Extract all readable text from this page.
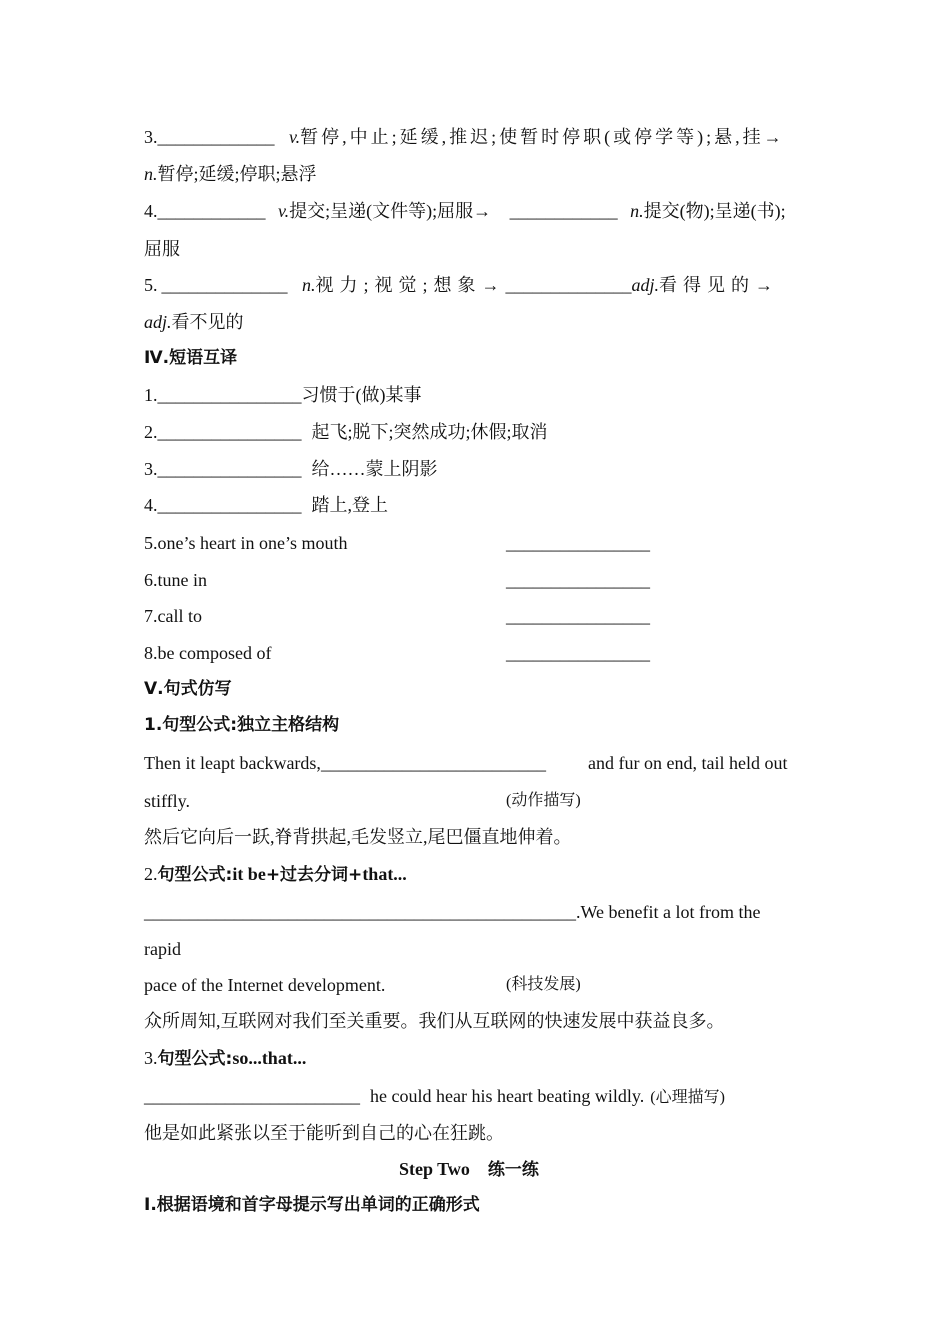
3._____________ v.暂停,中止;延缓,推迟;使暂时停职(或停学等);悬,挂→
n.暂停;延缓;停职;悬浮
4.____________ v.提交;呈递(文件等);屈服→ ____________ n.提交(物);呈递(书);
屈服
5. ______________ n.视力;视觉;想象→______________adj.看得见的→
adj.看不见的
Ⅳ.短语互译
1.________________习惯于(做)某事
2.________________ 起飞;脱下;突然成功;休假;取消
3.________________ 给……蒙上阴影
4.________________ 踏上,登上
5.one’s heart in one’s mouth	________________
6.tune in	________________
7.call to	________________
8.be composed of	________________
Ⅴ.句式仿写
1.句型公式:独立主格结构
Then it leapt backwards,_________________________ and fur on end, tail held out
stiffly.	(动作描写)
然后它向后一跃,脊背拱起,毛发竖立,尾巴僵直地伸着。
2.句型公式:it be+过去分词+that...
________________________________________________.We benefit a lot from the
rapid
pace of the Internet development.	(科技发展)
众所周知,互联网对我们至关重要。我们从互联网的快速发展中获益良多。
3.句型公式:so...that...
________________________ he could hear his heart beating wildly. (心理描写)
他是如此紧张以至于能听到自己的心在狂跳。
Step Two 练一练
Ⅰ.根据语境和首字母提示写出单词的正确形式
